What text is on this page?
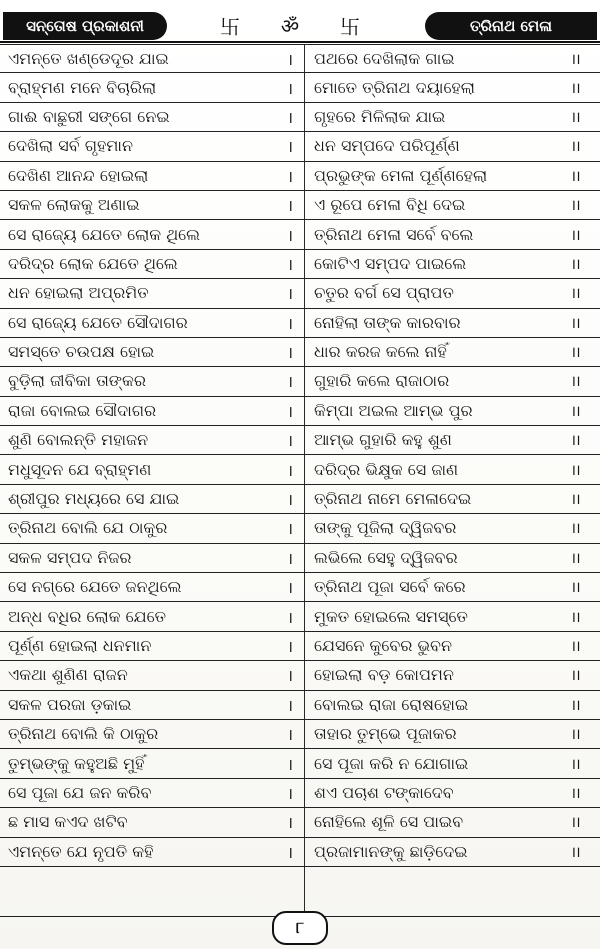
ସନ୍ତୋଷ ପ୍ରକାଶନୀ	卐 ॐ 卐	ତ୍ରିନାଥ ମେଳା
ଏମନ୍ତେ ଖଣ୍ଡେଦୂର ଯାଇ	। ପଥରେ ଦେଖିଲାକ ଗାଇ	।।
ବ୍ରାହ୍ମଣ ମନେ ବିଚାରିଲା	। ମୋତେ ତ୍ରିନାଥ ଦୟାହେଲା	।।
ଗାଈ ବାଛୁରୀ ସଙ୍ଗେ ନେଇ	। ଗୃହରେ ମିଳିଲାକ ଯାଇ	।।
ଦେଖିଲା ସର୍ବ ଗୃହମାନ	। ଧନ ସମ୍ପଦେ ପରିପୂର୍ଣ୍ଣ	।।
ଦେଖିଣ ଆନନ୍ଦ ହୋଇଲା	। ପ୍ରଭୁଙ୍କ ମେଳା ପୂର୍ଣ୍ଣହେଲା	।।
ସକଳ ଲୋକକୁ ଅଣାଇ	। ଏ ରୂପେ ମେଳା ବିଧି ଦେଇ	।।
ସେ ରାଜ୍ୟେ ଯେତେ ଲୋକ ଥିଲେ	। ତ୍ରିନାଥ ମେଳା ସର୍ବେ ବଲେ	।।
ଦରିଦ୍ର ଲୋକ ଯେତେ ଥିଲେ	। କୋଟିଏ ସମ୍ପଦ ପାଇଲେ	।।
ଧନ ହୋଇଲା ଅପ୍ରମିତ	। ଚତୁର ବର୍ଗ ସେ ପ୍ରାପତ	।।
ସେ ରାଜ୍ୟେ ଯେତେ ସୌଦାଗର	। ନୋହିଲା ତାଙ୍କ କାରବାର	।।
ସମସ୍ତେ ଚଉପକ୍ଷ ହୋଇ	। ଧାର କରଜ କଲେ ନାହିଁ	।।
ବୁଡ଼ିଲା ଜୀବିକା ତାଙ୍କର	। ଗୁହାରି କଲେ ରାଜାଠାର	।।
ରାଜା ବୋଲଇ ସୌଦାଗର	। କିମ୍ପା ଅଇଲ ଆମ୍ଭ ପୁର	।।
ଶୁଣି ବୋଲନ୍ତି ମହାଜନ	। ଆମ୍ଭ ଗୁହାରି କହୁ ଶୁଣ	।।
ମଧୁସୂଦନ ଯେ ବ୍ରାହ୍ମଣ	। ଦରିଦ୍ର ଭିକ୍ଷୁକ ସେ ଜାଣ	।।
ଶ୍ରୀପୁର ମଧ୍ୟରେ ସେ ଯାଇ	। ତ୍ରିନାଥ ନାମେ ମେଳାଦେଇ	।।
ତ୍ରିନାଥ ବୋଲି ଯେ ଠାକୁର	। ତାଙ୍କୁ ପୂଜିଲା ଦ୍ୱିଜବର	।।
ସକଳ ସମ୍ପଦ ନିଜର	। ଲଭିଲେ ସେହୁ ଦ୍ୱିଜବର	।।
ସେ ନଗ୍ରେ ଯେତେ ଜନଥିଲେ	। ତ୍ରିନାଥ ପୂଜା ସର୍ବେ କରେ	।।
ଅନ୍ଧ ବଧିର ଲୋକ ଯେତେ	। ମୁକତ ହୋଇଲେ ସମସ୍ତେ	।।
ପୂର୍ଣ୍ଣ ହୋଇଲା ଧନମାନ	। ଯେସନେ କୁବେର ଭୁବନ	।।
ଏକଥା ଶୁଣିଣ ରାଜନ	। ହୋଇଲା ବଡ଼ କୋପମନ	।।
ସକଳ ପରଜା ଡ଼କାଇ	। ବୋଲଇ ରାଜା ରୋଷହୋଇ	।।
ତ୍ରିନାଥ ବୋଲି କି ଠାକୁର	। ତାହାର ତୁମ୍ଭେ ପୂଜାକର	।।
ତୁମ୍ଭଙ୍କୁ କହୁଅଛି ମୁହିଁ	। ସେ ପୂଜା କରି ନ ଯୋଗାଇ	।।
ସେ ପୂଜା ଯେ ଜନ କରିବ	। ଶଏ ପଚାଶ ଟଙ୍କାଦେବ	।।
ଛ ମାସ କଏଦ ଖଟିବ	। ନୋହିଲେ ଶୂଳି ସେ ପାଇବ	।।
ଏମନ୍ତେ ଯେ ନୃପତି କହି	। ପ୍ରଜାମାନଙ୍କୁ ଛାଡ଼ିଦେଇ	।।
୮
